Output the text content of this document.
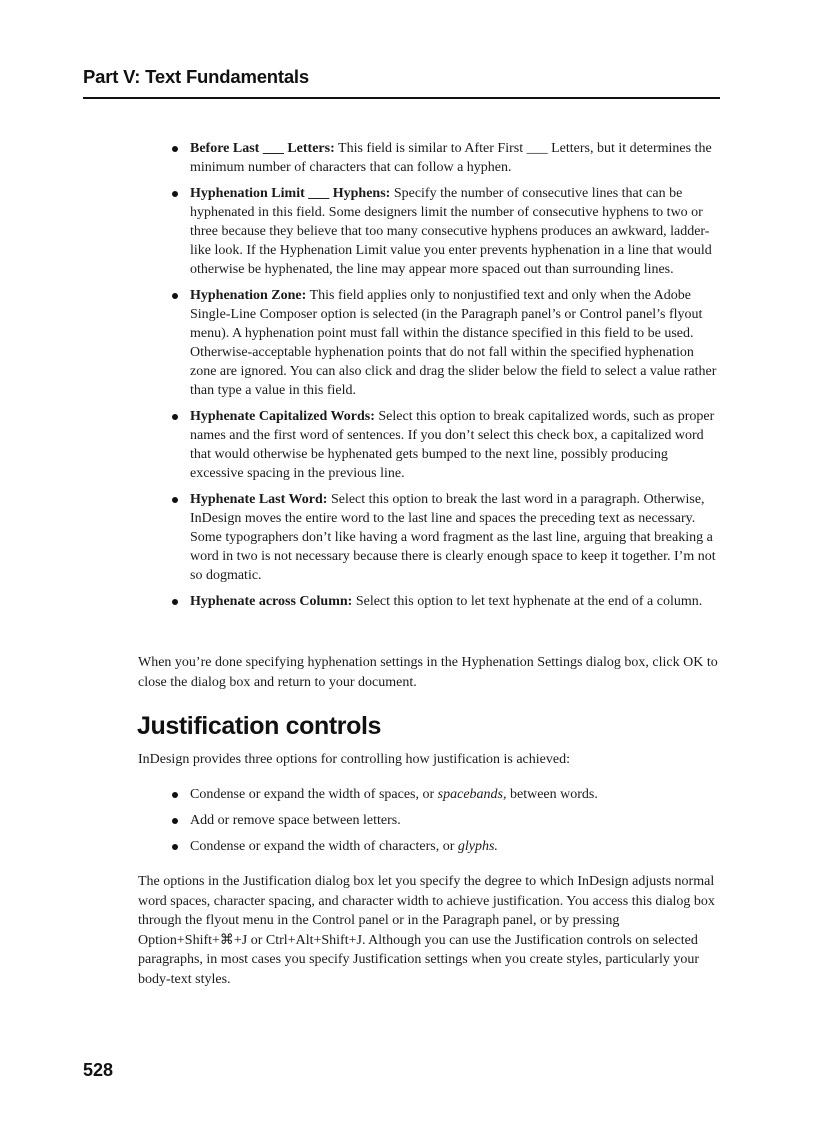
Part V: Text Fundamentals
Before Last ___ Letters: This field is similar to After First ___ Letters, but it determines the minimum number of characters that can follow a hyphen.
Hyphenation Limit ___ Hyphens: Specify the number of consecutive lines that can be hyphenated in this field. Some designers limit the number of consecutive hyphens to two or three because they believe that too many consecutive hyphens produces an awkward, ladder-like look. If the Hyphenation Limit value you enter prevents hyphenation in a line that would otherwise be hyphenated, the line may appear more spaced out than surrounding lines.
Hyphenation Zone: This field applies only to nonjustified text and only when the Adobe Single-Line Composer option is selected (in the Paragraph panel’s or Control panel’s flyout menu). A hyphenation point must fall within the distance specified in this field to be used. Otherwise-acceptable hyphenation points that do not fall within the specified hyphenation zone are ignored. You can also click and drag the slider below the field to select a value rather than type a value in this field.
Hyphenate Capitalized Words: Select this option to break capitalized words, such as proper names and the first word of sentences. If you don’t select this check box, a capitalized word that would otherwise be hyphenated gets bumped to the next line, possibly producing excessive spacing in the previous line.
Hyphenate Last Word: Select this option to break the last word in a paragraph. Otherwise, InDesign moves the entire word to the last line and spaces the preceding text as necessary. Some typographers don’t like having a word fragment as the last line, arguing that breaking a word in two is not necessary because there is clearly enough space to keep it together. I’m not so dogmatic.
Hyphenate across Column: Select this option to let text hyphenate at the end of a column.

When you’re done specifying hyphenation settings in the Hyphenation Settings dialog box, click OK to close the dialog box and return to your document.

Justification controls

InDesign provides three options for controlling how justification is achieved:

Condense or expand the width of spaces, or spacebands, between words.
Add or remove space between letters.
Condense or expand the width of characters, or glyphs.

The options in the Justification dialog box let you specify the degree to which InDesign adjusts normal word spaces, character spacing, and character width to achieve justification. You access this dialog box through the flyout menu in the Control panel or in the Paragraph panel, or by pressing Option+Shift+⌘+J or Ctrl+Alt+Shift+J. Although you can use the Justification controls on selected paragraphs, in most cases you specify Justification settings when you create styles, particularly your body-text styles.

528
